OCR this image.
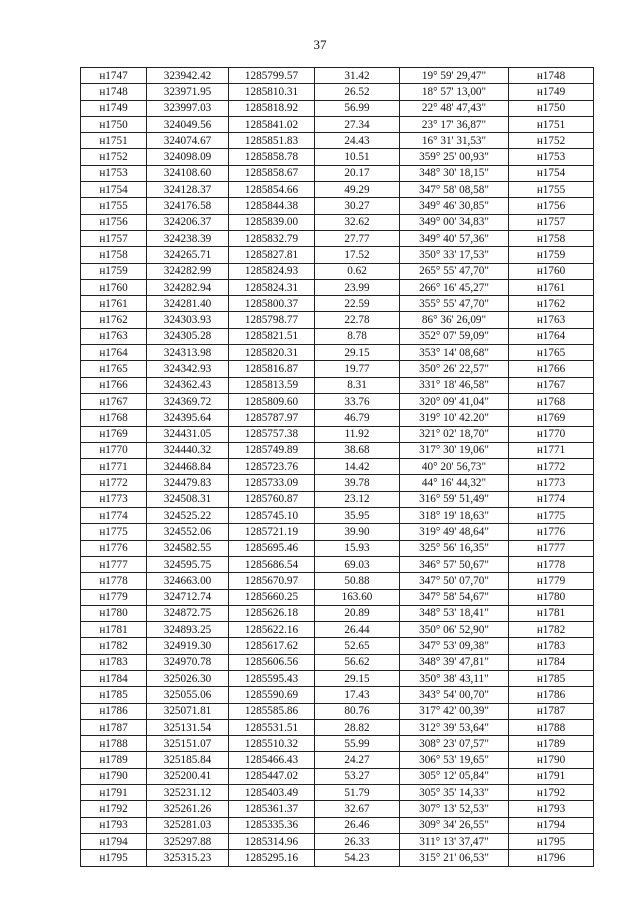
37
н1747	323942.42	1285799.57	31.42	19° 59' 29,47"	н1748
н1748	323971.95	1285810.31	26.52	18° 57' 13,00"	н1749
н1749	323997.03	1285818.92	56.99	22° 48' 47,43"	н1750
н1750	324049.56	1285841.02	27.34	23° 17' 36,87"	н1751
н1751	324074.67	1285851.83	24.43	16° 31' 31,53"	н1752
н1752	324098.09	1285858.78	10.51	359° 25' 00,93"	н1753
н1753	324108.60	1285858.67	20.17	348° 30' 18,15"	н1754
н1754	324128.37	1285854.66	49.29	347° 58' 08,58"	н1755
н1755	324176.58	1285844.38	30.27	349° 46' 30,85"	н1756
н1756	324206.37	1285839.00	32.62	349° 00' 34,83"	н1757
н1757	324238.39	1285832.79	27.77	349° 40' 57,36"	н1758
н1758	324265.71	1285827.81	17.52	350° 33' 17,53"	н1759
н1759	324282.99	1285824.93	0.62	265° 55' 47,70"	н1760
н1760	324282.94	1285824.31	23.99	266° 16' 45,27"	н1761
н1761	324281.40	1285800.37	22.59	355° 55' 47,70"	н1762
н1762	324303.93	1285798.77	22.78	86° 36' 26,09"	н1763
н1763	324305.28	1285821.51	8.78	352° 07' 59,09"	н1764
н1764	324313.98	1285820.31	29.15	353° 14' 08,68"	н1765
н1765	324342.93	1285816.87	19.77	350° 26' 22,57"	н1766
н1766	324362.43	1285813.59	8.31	331° 18' 46,58"	н1767
н1767	324369.72	1285809.60	33.76	320° 09' 41,04"	н1768
н1768	324395.64	1285787.97	46.79	319° 10' 42.20"	н1769
н1769	324431.05	1285757.38	11.92	321° 02' 18,70"	н1770
н1770	324440.32	1285749.89	38.68	317° 30' 19,06"	н1771
н1771	324468.84	1285723.76	14.42	40° 20' 56,73"	н1772
н1772	324479.83	1285733.09	39.78	44° 16' 44,32"	н1773
н1773	324508.31	1285760.87	23.12	316° 59' 51,49"	н1774
н1774	324525.22	1285745.10	35.95	318° 19' 18,63"	н1775
н1775	324552.06	1285721.19	39.90	319° 49' 48,64"	н1776
н1776	324582.55	1285695.46	15.93	325° 56' 16,35"	н1777
н1777	324595.75	1285686.54	69.03	346° 57' 50,67"	н1778
н1778	324663.00	1285670.97	50.88	347° 50' 07,70"	н1779
н1779	324712.74	1285660.25	163.60	347° 58' 54,67"	н1780
н1780	324872.75	1285626.18	20.89	348° 53' 18,41"	н1781
н1781	324893.25	1285622.16	26.44	350° 06' 52,90"	н1782
н1782	324919.30	1285617.62	52.65	347° 53' 09,38"	н1783
н1783	324970.78	1285606.56	56.62	348° 39' 47,81"	н1784
н1784	325026.30	1285595.43	29.15	350° 38' 43,11"	н1785
н1785	325055.06	1285590.69	17.43	343° 54' 00,70"	н1786
н1786	325071.81	1285585.86	80.76	317° 42' 00,39"	н1787
н1787	325131.54	1285531.51	28.82	312° 39' 53,64"	н1788
н1788	325151.07	1285510.32	55.99	308° 23' 07,57"	н1789
н1789	325185.84	1285466.43	24.27	306° 53' 19,65"	н1790
н1790	325200.41	1285447.02	53.27	305° 12' 05,84"	н1791
н1791	325231.12	1285403.49	51.79	305° 35' 14,33"	н1792
н1792	325261.26	1285361.37	32.67	307° 13' 52,53"	н1793
н1793	325281.03	1285335.36	26.46	309° 34' 26,55"	н1794
н1794	325297.88	1285314.96	26.33	311° 13' 37,47"	н1795
н1795	325315.23	1285295.16	54.23	315° 21' 06,53"	н1796
